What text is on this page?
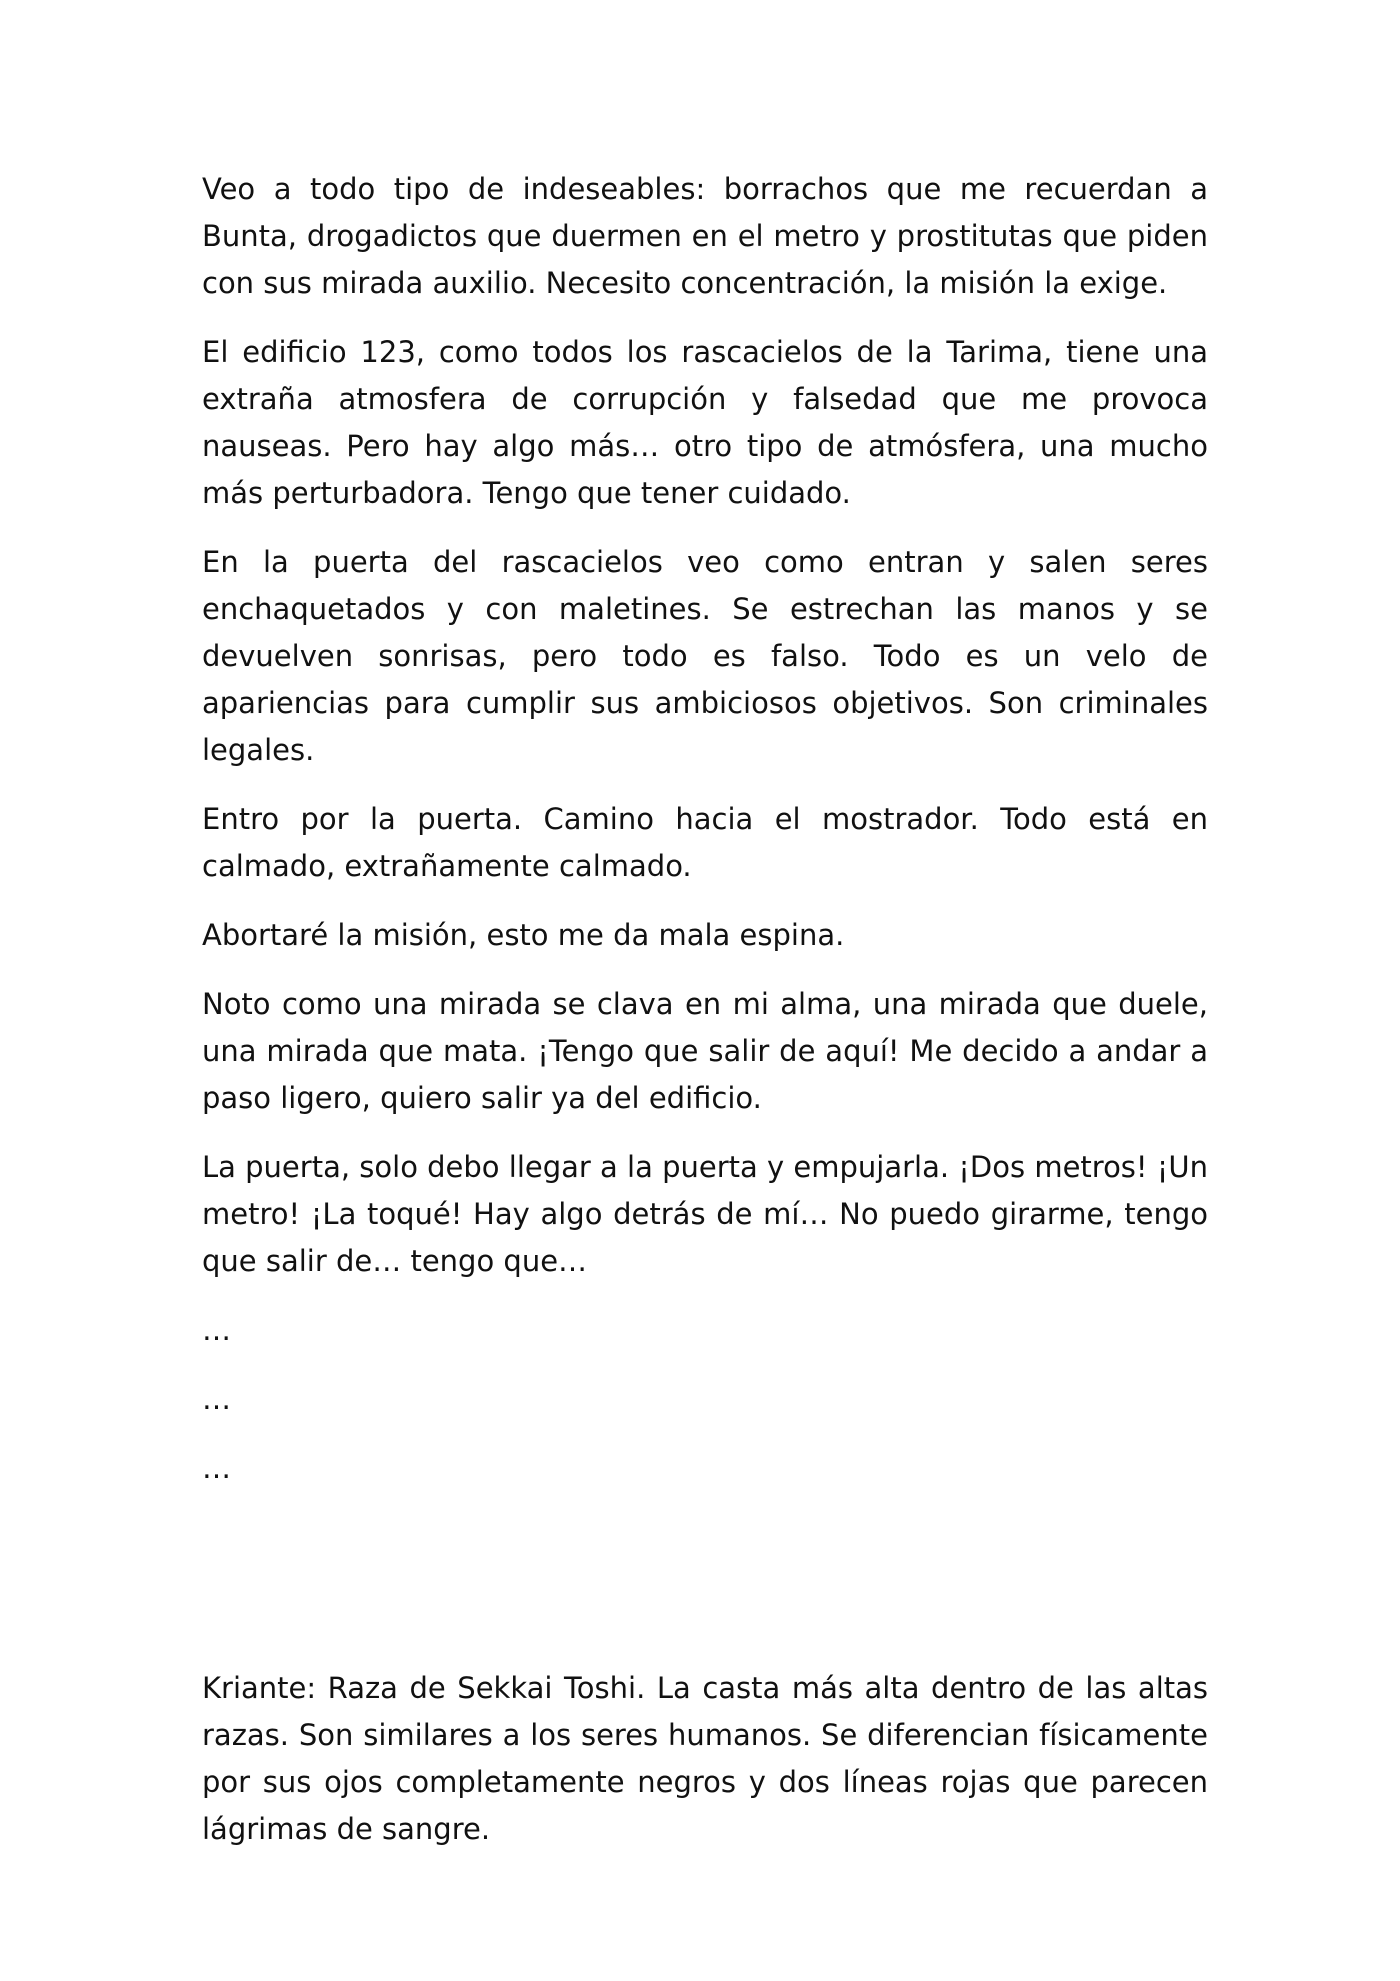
Veo a todo tipo de indeseables: borrachos que me recuerdan a Bunta, drogadictos que duermen en el metro y prostitutas que piden con sus mirada auxilio. Necesito concentración, la misión la exige.

El edificio 123, como todos los rascacielos de la Tarima, tiene una extraña atmosfera de corrupción y falsedad que me provoca nauseas. Pero hay algo más… otro tipo de atmósfera, una mucho más perturbadora. Tengo que tener cuidado.

En la puerta del rascacielos veo como entran y salen seres enchaquetados y con maletines. Se estrechan las manos y se devuelven sonrisas, pero todo es falso. Todo es un velo de apariencias para cumplir sus ambiciosos objetivos. Son criminales legales.

Entro por la puerta. Camino hacia el mostrador. Todo está en calmado, extrañamente calmado.

Abortaré la misión, esto me da mala espina.

Noto como una mirada se clava en mi alma, una mirada que duele, una mirada que mata. ¡Tengo que salir de aquí! Me decido a andar a paso ligero, quiero salir ya del edificio.

La puerta, solo debo llegar a la puerta y empujarla. ¡Dos metros! ¡Un metro! ¡La toqué! Hay algo detrás de mí… No puedo girarme, tengo que salir de… tengo que…

…

…

…

Kriante: Raza de Sekkai Toshi. La casta más alta dentro de las altas razas. Son similares a los seres humanos. Se diferencian físicamente por sus ojos completamente negros y dos líneas rojas que parecen lágrimas de sangre.
